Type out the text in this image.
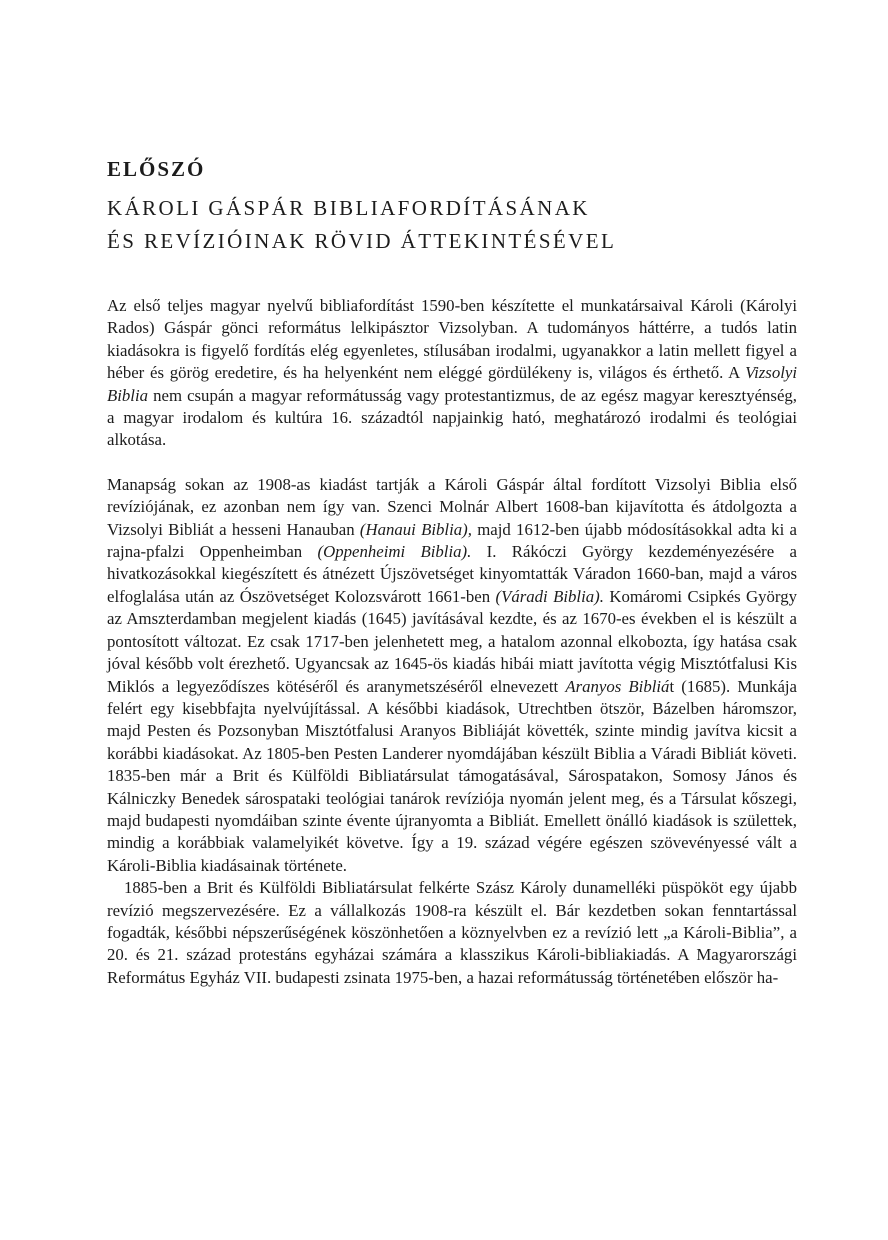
ELŐSZÓ
KÁROLI GÁSPÁR BIBLIAFORDÍTÁSÁNAK
ÉS REVÍZIÓINAK RÖVID ÁTTEKINTÉSÉVEL

Az első teljes magyar nyelvű bibliafordítást 1590-ben készítette el munkatársaival Károli (Károlyi Rados) Gáspár gönci református lelkipásztor Vizsolyban. A tudományos háttérre, a tudós latin kiadásokra is figyelő fordítás elég egyenletes, stílusában irodalmi, ugyanakkor a latin mellett figyel a héber és görög eredetire, és ha helyenként nem eléggé gördülékeny is, világos és érthető. A Vizsolyi Biblia nem csupán a magyar reformátusság vagy protestantizmus, de az egész magyar keresztyénség, a magyar irodalom és kultúra 16. századtól napjainkig ható, meghatározó irodalmi és teológiai alkotása.

Manapság sokan az 1908-as kiadást tartják a Károli Gáspár által fordított Vizsolyi Biblia első revíziójának, ez azonban nem így van. Szenci Molnár Albert 1608-ban kijavította és átdolgozta a Vizsolyi Bibliát a hesseni Hanauban (Hanaui Biblia), majd 1612-ben újabb módosításokkal adta ki a rajna-pfalzi Oppenheimban (Oppenheimi Biblia). I. Rákóczi György kezdeményezésére a hivatkozásokkal kiegészített és átnézett Újszövetséget kinyomtatták Váradon 1660-ban, majd a város elfoglalása után az Ószövetséget Kolozsvárott 1661-ben (Váradi Biblia). Komáromi Csipkés György az Amszterdamban megjelent kiadás (1645) javításával kezdte, és az 1670-es években el is készült a pontosított változat. Ez csak 1717-ben jelenhetett meg, a hatalom azonnal elkobozta, így hatása csak jóval később volt érezhető. Ugyancsak az 1645-ös kiadás hibái miatt javította végig Misztótfalusi Kis Miklós a legyeződíszes kötéséről és aranymetszéséről elnevezett Aranyos Bibliát (1685). Munkája felért egy kisebbfajta nyelvújítással. A későbbi kiadások, Utrechtben ötször, Bázelben háromszor, majd Pesten és Pozsonyban Misztótfalusi Aranyos Bibliáját követték, szinte mindig javítva kicsit a korábbi kiadásokat. Az 1805-ben Pesten Landerer nyomdájában készült Biblia a Váradi Bibliát követi. 1835-ben már a Brit és Külföldi Bibliatársulat támogatásával, Sárospatakon, Somosy János és Kálniczky Benedek sárospataki teológiai tanárok revíziója nyomán jelent meg, és a Társulat kőszegi, majd budapesti nyomdáiban szinte évente újranyomta a Bibliát. Emellett önálló kiadások is születtek, mindig a korábbiak valamelyikét követve. Így a 19. század végére egészen szövevényessé vált a Károli-Biblia kiadásainak története.

1885-ben a Brit és Külföldi Bibliatársulat felkérte Szász Károly dunamelléki püspököt egy újabb revízió megszervezésére. Ez a vállalkozás 1908-ra készült el. Bár kezdetben sokan fenntartással fogadták, későbbi népszerűségének köszönhetően a köznyelvben ez a revízió lett „a Károli-Biblia”, a 20. és 21. század protestáns egyházai számára a klasszikus Károli-bibliakiadás. A Magyarországi Református Egyház VII. budapesti zsinata 1975-ben, a hazai reformátusság történetében először ha-
